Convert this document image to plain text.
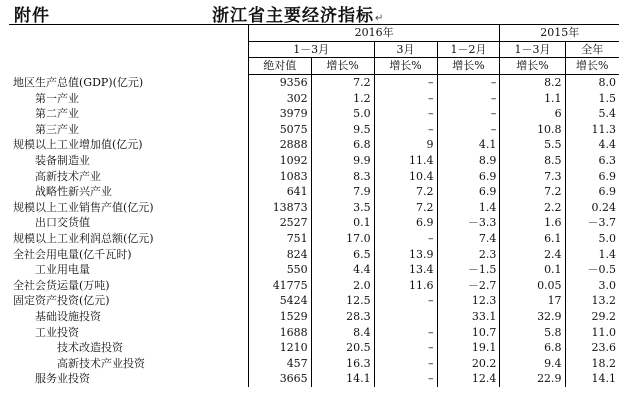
附件	浙江省主要经济指标↵
	2016年				2015年	
	1－3月		3月	1－2月	1－3月	全年
	绝对值	增长%	增长%	增长%	增长%	增长%
地区生产总值(GDP)(亿元)	9356	7.2	–	–	8.2	8.0
第一产业	302	1.2	–	–	1.1	1.5
第二产业	3979	5.0	–	–	6	5.4
第三产业	5075	9.5	–	–	10.8	11.3
规模以上工业增加值(亿元)	2888	6.8	9	4.1	5.5	4.4
装备制造业	1092	9.9	11.4	8.9	8.5	6.3
高新技术产业	1083	8.3	10.4	6.9	7.3	6.9
战略性新兴产业	641	7.9	7.2	6.9	7.2	6.9
规模以上工业销售产值(亿元)	13873	3.5	7.2	1.4	2.2	0.24
出口交货值	2527	0.1	6.9	－3.3	1.6	－3.7
规模以上工业利润总额(亿元)	751	17.0	–	7.4	6.1	5.0
全社会用电量(亿千瓦时)	824	6.5	13.9	2.3	2.4	1.4
工业用电量	550	4.4	13.4	－1.5	0.1	－0.5
全社会货运量(万吨)	41775	2.0	11.6	－2.7	0.05	3.0
固定资产投资(亿元)	5424	12.5	–	12.3	17	13.2
基础设施投资	1529	28.3		33.1	32.9	29.2
工业投资	1688	8.4	–	10.7	5.8	11.0
技术改造投资	1210	20.5	–	19.1	6.8	23.6
高新技术产业投资	457	16.3	–	20.2	9.4	18.2
服务业投资	3665	14.1	–	12.4	22.9	14.1
